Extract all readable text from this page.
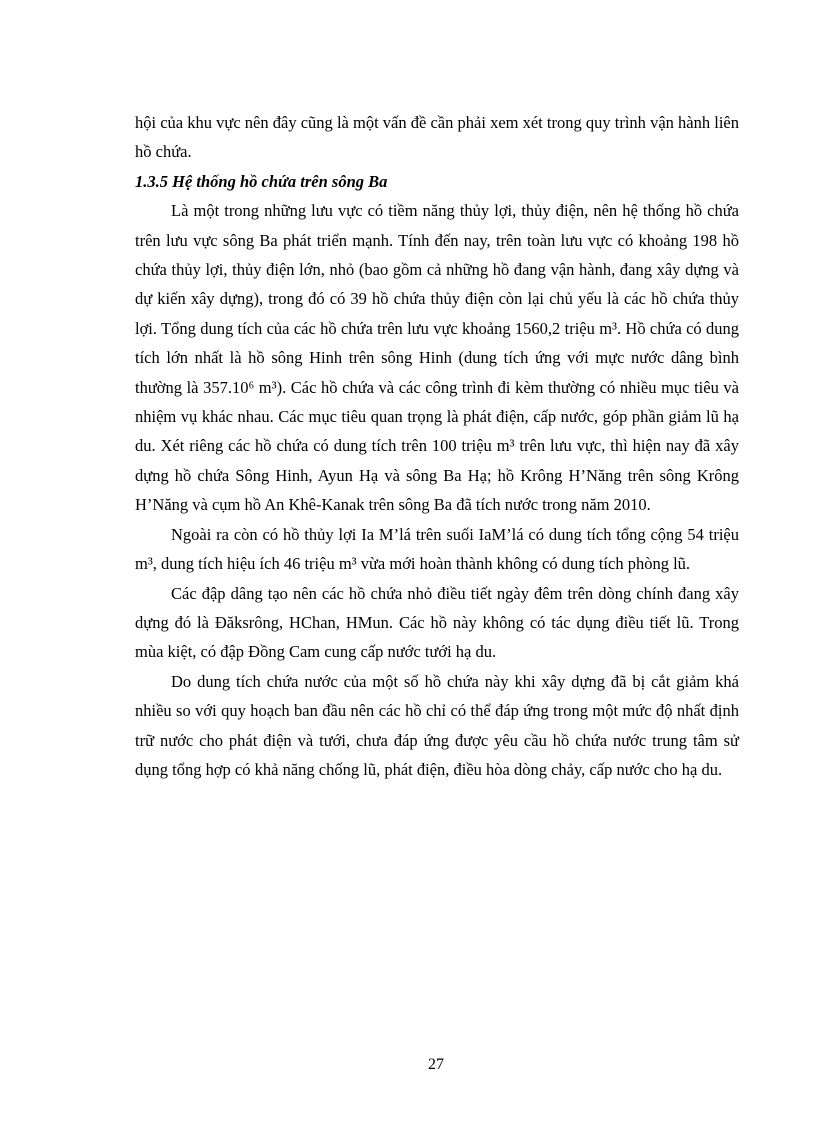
hội của khu vực nên đây cũng là một vấn đề cần phải xem xét trong quy trình vận hành liên hồ chứa.

1.3.5 Hệ thống hồ chứa trên sông Ba

Là một trong những lưu vực có tiềm năng thủy lợi, thủy điện, nên hệ thống hồ chứa trên lưu vực sông Ba phát triển mạnh. Tính đến nay, trên toàn lưu vực có khoảng 198 hồ chứa thủy lợi, thủy điện lớn, nhỏ (bao gồm cả những hồ đang vận hành, đang xây dựng và dự kiến xây dựng), trong đó có 39 hồ chứa thủy điện còn lại chủ yếu là các hồ chứa thủy lợi. Tổng dung tích của các hồ chứa trên lưu vực khoảng 1560,2 triệu m³. Hồ chứa có dung tích lớn nhất là hồ sông Hinh trên sông Hinh (dung tích ứng với mực nước dâng bình thường là 357.10⁶ m³). Các hồ chứa và các công trình đi kèm thường có nhiều mục tiêu và nhiệm vụ khác nhau. Các mục tiêu quan trọng là phát điện, cấp nước, góp phần giảm lũ hạ du. Xét riêng các hồ chứa có dung tích trên 100 triệu m³ trên lưu vực, thì hiện nay đã xây dựng hồ chứa Sông Hinh, Ayun Hạ và sông Ba Hạ; hồ Krông H’Năng trên sông Krông H’Năng và cụm hồ An Khê-Kanak trên sông Ba đã tích nước trong năm 2010.

Ngoài ra còn có hồ thủy lợi Ia M’lá trên suối IaM’lá có dung tích tổng cộng 54 triệu m³, dung tích hiệu ích 46 triệu m³ vừa mới hoàn thành không có dung tích phòng lũ.

Các đập dâng tạo nên các hồ chứa nhỏ điều tiết ngày đêm trên dòng chính đang xây dựng đó là Đăksrông, HChan, HMun. Các hồ này không có tác dụng điều tiết lũ. Trong mùa kiệt, có đập Đồng Cam cung cấp nước tưới hạ du.

Do dung tích chứa nước của một số hồ chứa này khi xây dựng đã bị cắt giảm khá nhiều so với quy hoạch ban đầu nên các hồ chỉ có thể đáp ứng trong một mức độ nhất định trữ nước cho phát điện và tưới, chưa đáp ứng được yêu cầu hồ chứa nước trung tâm sử dụng tổng hợp có khả năng chống lũ, phát điện, điều hòa dòng chảy, cấp nước cho hạ du.

27
